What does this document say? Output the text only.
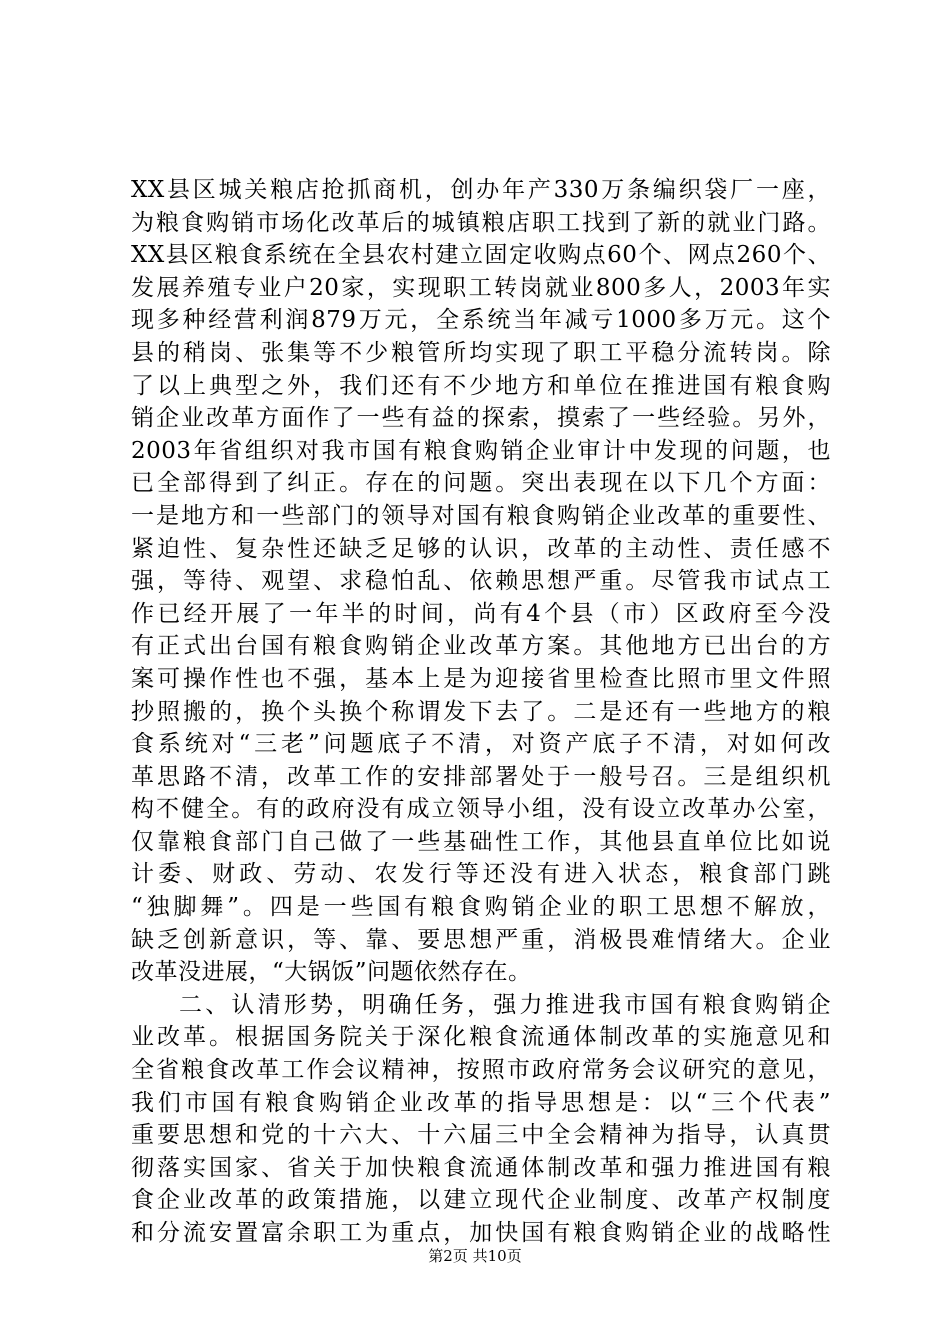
XX县区城关粮店抢抓商机，创办年产330万条编织袋厂一座，
为粮食购销市场化改革后的城镇粮店职工找到了新的就业门路。
XX县区粮食系统在全县农村建立固定收购点60个、网点260个、
发展养殖专业户20家，实现职工转岗就业800多人，2003年实
现多种经营利润879万元，全系统当年减亏1000多万元。这个
县的稍岗、张集等不少粮管所均实现了职工平稳分流转岗。除
了以上典型之外，我们还有不少地方和单位在推进国有粮食购
销企业改革方面作了一些有益的探索，摸索了一些经验。另外，
2003年省组织对我市国有粮食购销企业审计中发现的问题，也
已全部得到了纠正。存在的问题。突出表现在以下几个方面：
一是地方和一些部门的领导对国有粮食购销企业改革的重要性、
紧迫性、复杂性还缺乏足够的认识，改革的主动性、责任感不
强，等待、观望、求稳怕乱、依赖思想严重。尽管我市试点工
作已经开展了一年半的时间，尚有4个县（市）区政府至今没
有正式出台国有粮食购销企业改革方案。其他地方已出台的方
案可操作性也不强，基本上是为迎接省里检查比照市里文件照
抄照搬的，换个头换个称谓发下去了。二是还有一些地方的粮
食系统对“三老”问题底子不清，对资产底子不清，对如何改
革思路不清，改革工作的安排部署处于一般号召。三是组织机
构不健全。有的政府没有成立领导小组，没有设立改革办公室，
仅靠粮食部门自己做了一些基础性工作，其他县直单位比如说
计委、财政、劳动、农发行等还没有进入状态，粮食部门跳
“独脚舞”。四是一些国有粮食购销企业的职工思想不解放，
缺乏创新意识，等、靠、要思想严重，消极畏难情绪大。企业
改革没进展，“大锅饭”问题依然存在。
二、认清形势，明确任务，强力推进我市国有粮食购销企
业改革。根据国务院关于深化粮食流通体制改革的实施意见和
全省粮食改革工作会议精神，按照市政府常务会议研究的意见，
我们市国有粮食购销企业改革的指导思想是：以“三个代表”
重要思想和党的十六大、十六届三中全会精神为指导，认真贯
彻落实国家、省关于加快粮食流通体制改革和强力推进国有粮
食企业改革的政策措施，以建立现代企业制度、改革产权制度
和分流安置富余职工为重点，加快国有粮食购销企业的战略性
第2页 共10页
